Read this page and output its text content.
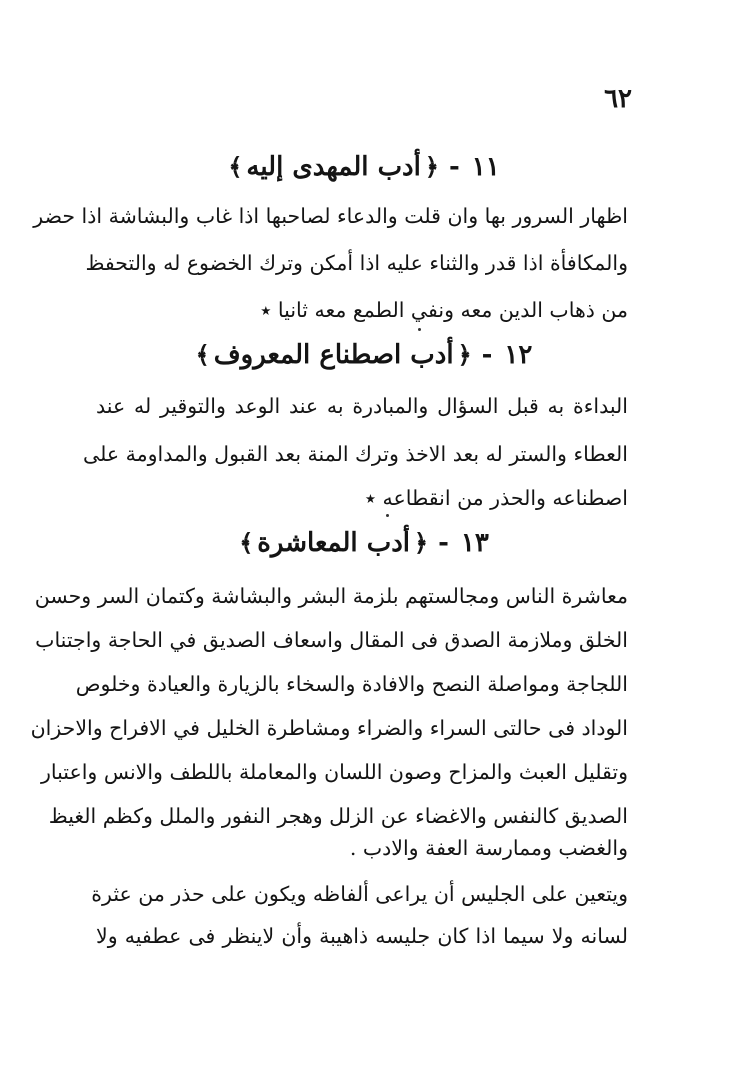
٦٢
١١-﴿أدب المهدى إليه﴾
اظهار السرور بها وان قلت والدعاء لصاحبها اذا غاب والبشاشة اذا حضر
والمكافأة اذا قدر والثناء عليه اذا أمكن وترك الخضوع له والتحفظ
من ذهاب الدين معه ونفي الطمع معه ثانيا ٭
١٢-﴿أدب اصطناع المعروف﴾
البداءة به قبل السؤال والمبادرة به عند الوعد والتوقير له عند
العطاء والستر له بعد الاخذ وترك المنة بعد القبول والمداومة على
اصطناعه والحذر من انقطاعه ٭
١٣-﴿أدب المعاشرة﴾
معاشرة الناس ومجالستهم بلزمة البشر والبشاشة وكتمان السر وحسن
الخلق وملازمة الصدق فى المقال واسعاف الصديق في الحاجة واجتناب
اللجاجة ومواصلة النصح والافادة والسخاء بالزيارة والعيادة وخلوص
الوداد فى حالتى السراء والضراء ومشاطرة الخليل في الافراح والاحزان
وتقليل العبث والمزاح وصون اللسان والمعاملة باللطف والانس واعتبار
الصديق كالنفس والاغضاء عن الزلل وهجر النفور والملل وكظم الغيظ
والغضب وممارسة العفة والادب .
ويتعين على الجليس أن يراعى ألفاظه ويكون على حذر من عثرة
لسانه ولا سيما اذا كان جليسه ذاهيبة وأن لاينظر فى عطفيه ولا
